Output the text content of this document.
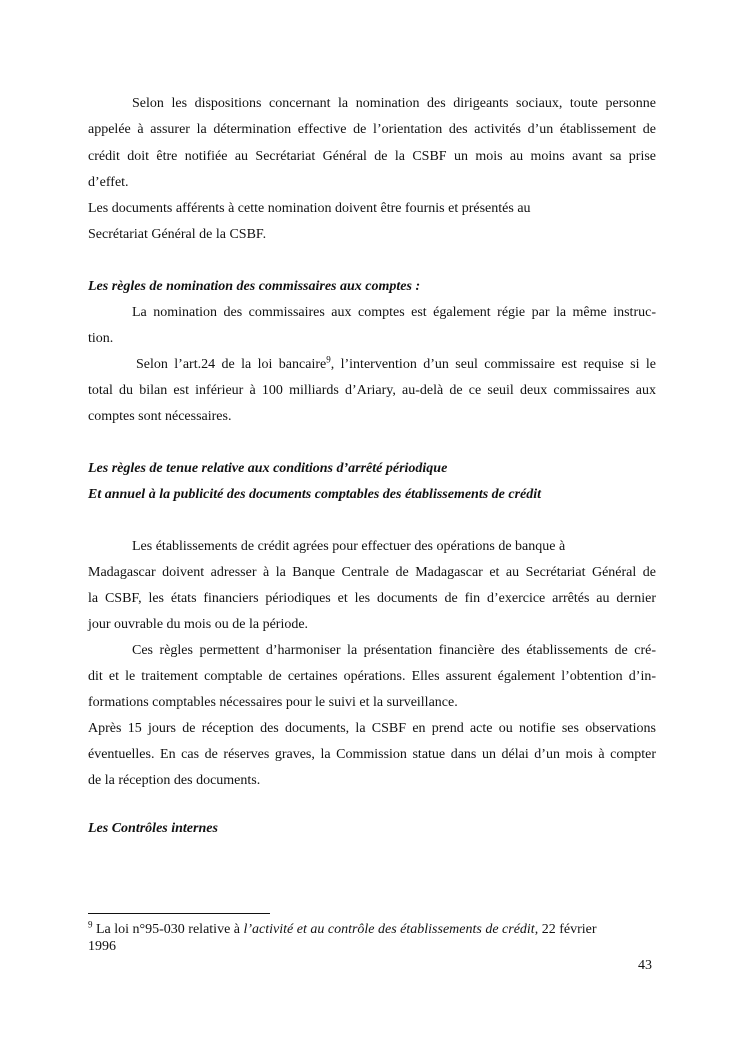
Selon les dispositions concernant la nomination des dirigeants sociaux, toute personne
appelée à assurer la détermination effective de l’orientation des activités d’un établissement de
crédit doit être notifiée au Secrétariat Général de la CSBF un mois au moins avant sa prise
d’effet.
Les documents afférents à cette nomination doivent être fournis et présentés au
Secrétariat Général de la CSBF.
Les règles de nomination des commissaires aux comptes :
La nomination des commissaires aux comptes est également régie par la même instruc-
tion.
Selon l’art.24 de la loi bancaire$^9$, l’intervention d’un seul commissaire est requise si le
total du bilan est inférieur à 100 milliards d’Ariary, au-delà de ce seuil deux commissaires aux
comptes sont nécessaires.
Les règles de tenue relative aux conditions d’arrêté périodique
Et annuel à la publicité des documents comptables des établissements de crédit
Les établissements de crédit agrées pour effectuer des opérations de banque à
Madagascar doivent adresser à la Banque Centrale de Madagascar et au Secrétariat Général de
la CSBF, les états financiers périodiques et les documents de fin d’exercice arrêtés au dernier
jour ouvrable du mois ou de la période.
Ces règles permettent d’harmoniser la présentation financière des établissements de cré-
dit et le traitement comptable de certaines opérations. Elles assurent également l’obtention d’in-
formations comptables nécessaires pour le suivi et la surveillance.
Après 15 jours de réception des documents, la CSBF en prend acte ou notifie ses observations
éventuelles. En cas de réserves graves, la Commission statue dans un délai d’un mois à compter
de la réception des documents.
Les Contrôles internes
$^9$ La loi n°95-030 relative à l’activité et au contrôle des établissements de crédit, 22 février
1996
43
